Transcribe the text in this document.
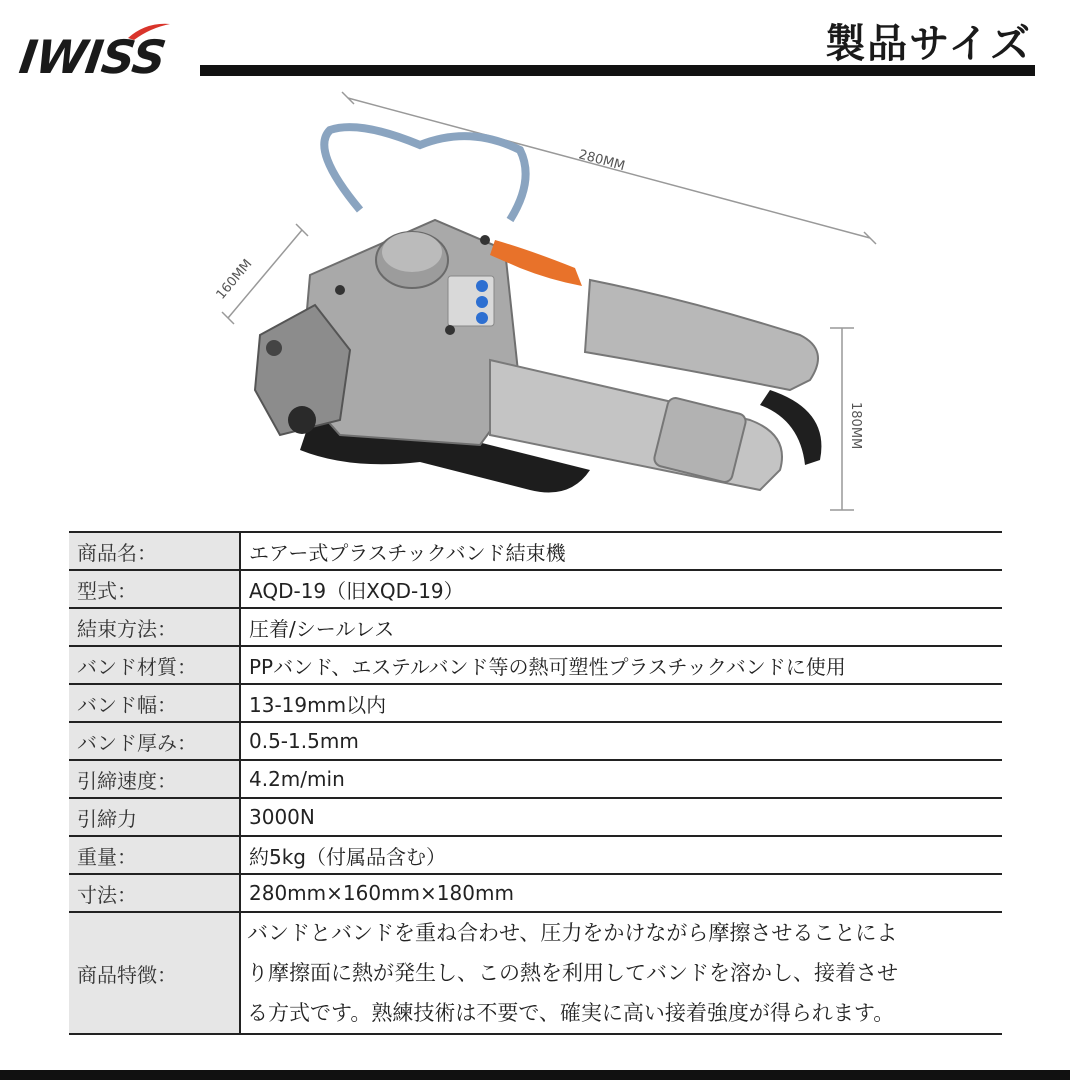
IWISS	製品サイズ
280MM
160MM
180MM
商品名：	エアー式プラスチックバンド結束機
型式：	AQD-19（旧XQD-19）
結束方法：	圧着/シールレス
バンド材質：	PPバンド、エステルバンド等の熱可塑性プラスチックバンドに使用
バンド幅：	13-19mm以内
バンド厚み：	0.5-1.5mm
引締速度：	4.2m/min
引締力	3000N
重量：	約5kg（付属品含む）
寸法：	280mm×160mm×180mm
商品特徴：	バンドとバンドを重ね合わせ、圧力をかけながら摩擦させることによ
り摩擦面に熱が発生し、この熱を利用してバンドを溶かし、接着させ
る方式です。熟練技術は不要で、確実に高い接着強度が得られます。
